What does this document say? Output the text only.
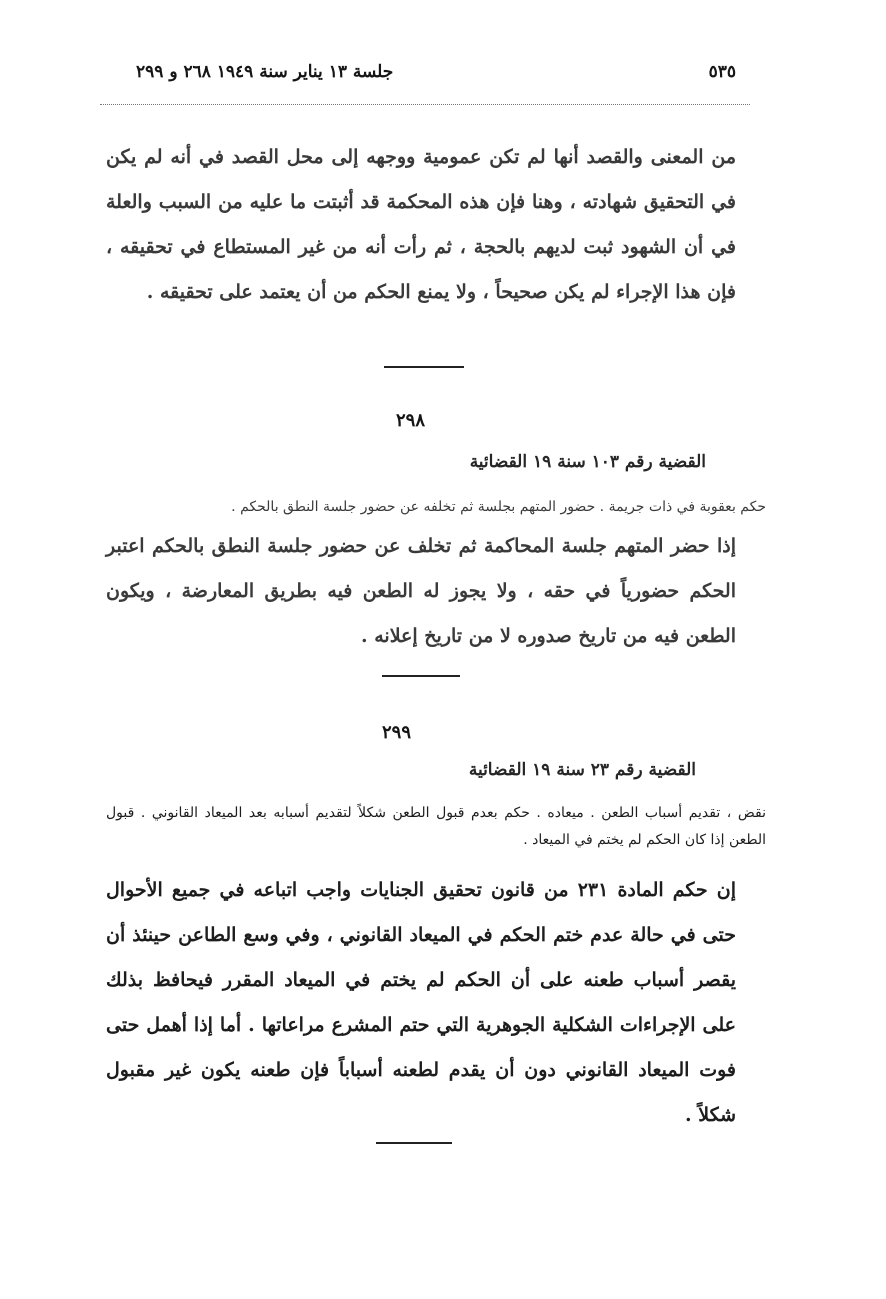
٥٣٥
جلسة ١٣ يناير سنة ١٩٤٩ ٢٦٨ و ٢٩٩
من المعنى والقصد أنها لم تكن عمومية ووجهه إلى محل القصد في أنه لم يكن في التحقيق شهادته ، وهنا فإن هذه المحكمة قد أثبتت ما عليه من السبب والعلة في أن الشهود ثبت لديهم بالحجة ، ثم رأت أنه من غير المستطاع في تحقيقه ، فإن هذا الإجراء لم يكن صحيحاً ، ولا يمنع الحكم من أن يعتمد على تحقيقه .
٢٩٨
القضية رقم ١٠٣ سنة ١٩ القضائية
حكم بعقوبة في ذات جريمة . حضور المتهم بجلسة ثم تخلفه عن حضور جلسة النطق بالحكم .
إذا حضر المتهم جلسة المحاكمة ثم تخلف عن حضور جلسة النطق بالحكم اعتبر الحكم حضورياً في حقه ، ولا يجوز له الطعن فيه بطريق المعارضة ، ويكون الطعن فيه من تاريخ صدوره لا من تاريخ إعلانه .
٢٩٩
القضية رقم ٢٣ سنة ١٩ القضائية
نقض ، تقديم أسباب الطعن . ميعاده . حكم بعدم قبول الطعن شكلاً لتقديم أسبابه بعد الميعاد القانوني . قبول الطعن إذا كان الحكم لم يختم في الميعاد .
إن حكم المادة ٢٣١ من قانون تحقيق الجنايات واجب اتباعه في جميع الأحوال حتى في حالة عدم ختم الحكم في الميعاد القانوني ، وفي وسع الطاعن حينئذ أن يقصر أسباب طعنه على أن الحكم لم يختم في الميعاد المقرر فيحافظ بذلك على الإجراءات الشكلية الجوهرية التي حتم المشرع مراعاتها . أما إذا أهمل حتى فوت الميعاد القانوني دون أن يقدم لطعنه أسباباً فإن طعنه يكون غير مقبول شكلاً .
